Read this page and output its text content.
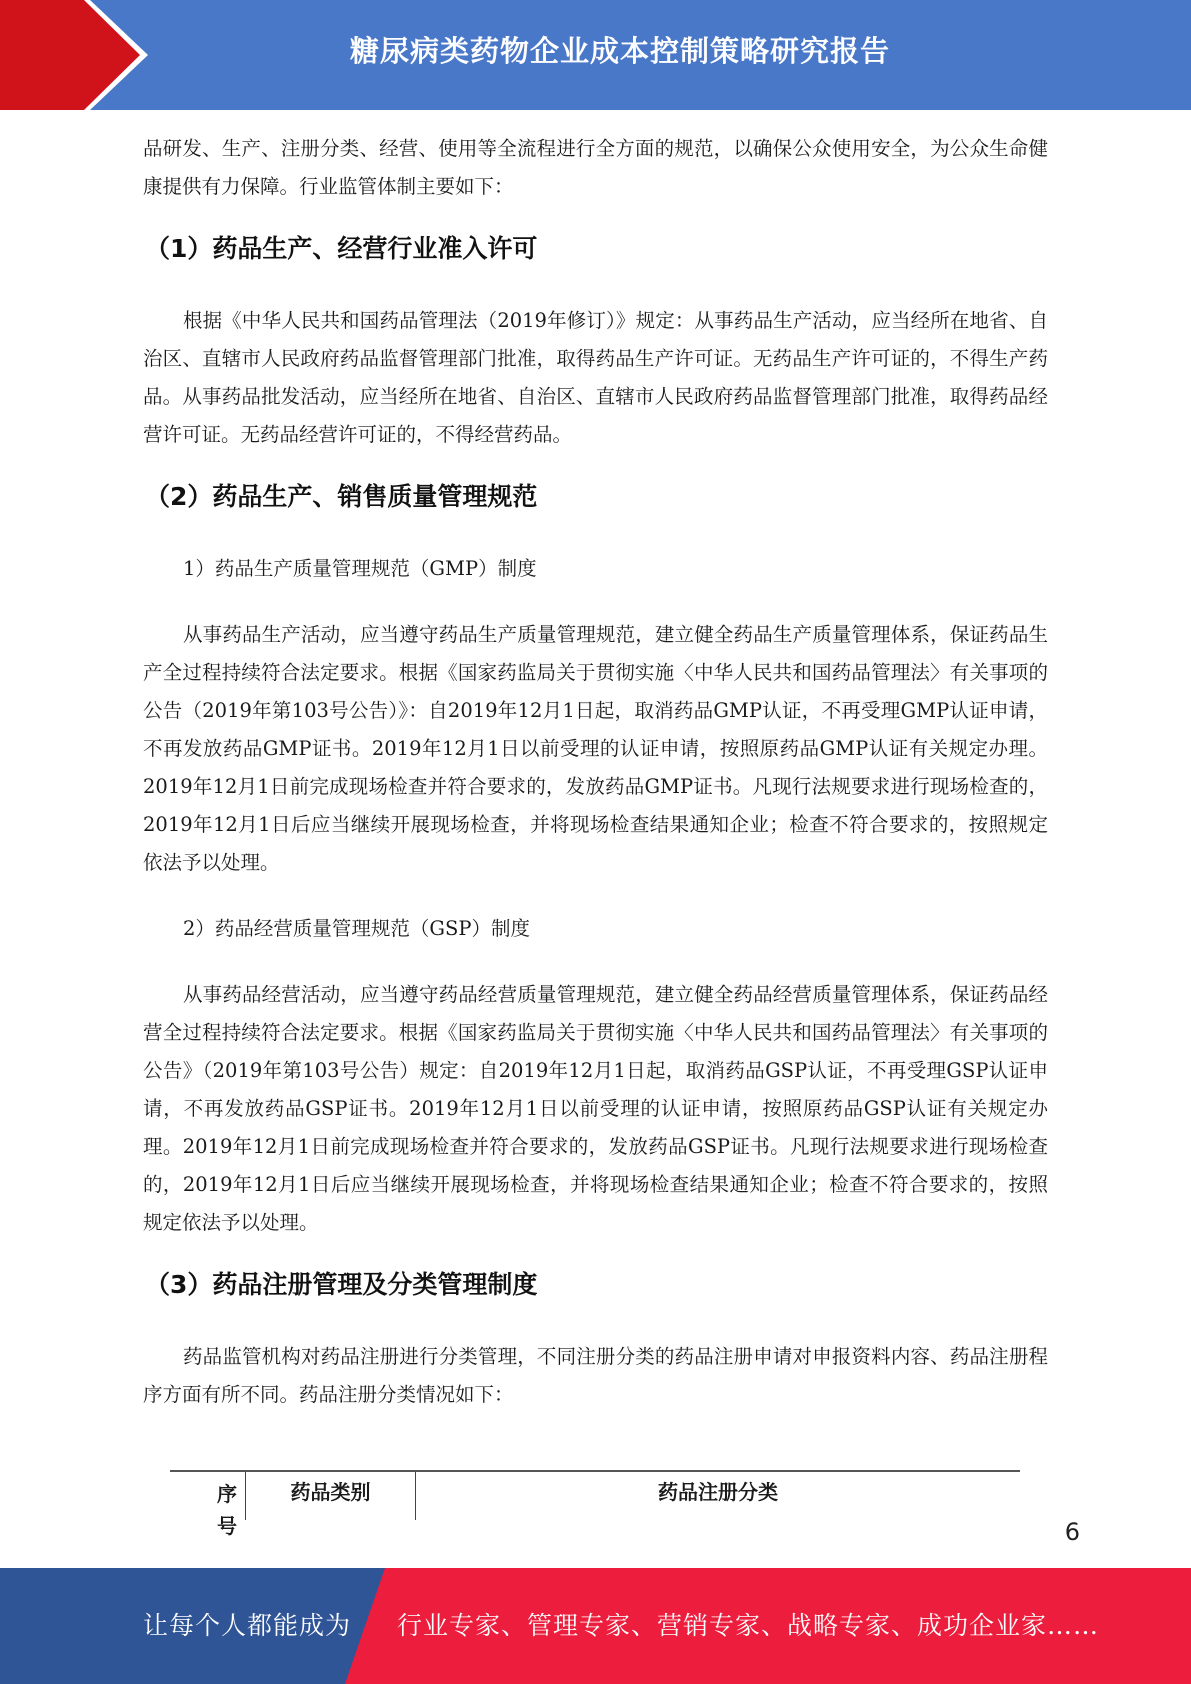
糖尿病类药物企业成本控制策略研究报告

品研发、生产、注册分类、经营、使用等全流程进行全方面的规范，以确保公众使用安全，为公众生命健康提供有力保障。行业监管体制主要如下：

（1）药品生产、经营行业准入许可

根据《中华人民共和国药品管理法（2019年修订）》规定：从事药品生产活动，应当经所在地省、自治区、直辖市人民政府药品监督管理部门批准，取得药品生产许可证。无药品生产许可证的，不得生产药品。从事药品批发活动，应当经所在地省、自治区、直辖市人民政府药品监督管理部门批准，取得药品经营许可证。无药品经营许可证的，不得经营药品。

（2）药品生产、销售质量管理规范

1）药品生产质量管理规范（GMP）制度

从事药品生产活动，应当遵守药品生产质量管理规范，建立健全药品生产质量管理体系，保证药品生产全过程持续符合法定要求。根据《国家药监局关于贯彻实施〈中华人民共和国药品管理法〉有关事项的公告（2019年第103号公告）》：自2019年12月1日起，取消药品GMP认证，不再受理GMP认证申请，不再发放药品GMP证书。2019年12月1日以前受理的认证申请，按照原药品GMP认证有关规定办理。2019年12月1日前完成现场检查并符合要求的，发放药品GMP证书。凡现行法规要求进行现场检查的，2019年12月1日后应当继续开展现场检查，并将现场检查结果通知企业；检查不符合要求的，按照规定依法予以处理。

2）药品经营质量管理规范（GSP）制度

从事药品经营活动，应当遵守药品经营质量管理规范，建立健全药品经营质量管理体系，保证药品经营全过程持续符合法定要求。根据《国家药监局关于贯彻实施〈中华人民共和国药品管理法〉有关事项的公告》（2019年第103号公告）规定：自2019年12月1日起，取消药品GSP认证，不再受理GSP认证申请，不再发放药品GSP证书。2019年12月1日以前受理的认证申请，按照原药品GSP认证有关规定办理。2019年12月1日前完成现场检查并符合要求的，发放药品GSP证书。凡现行法规要求进行现场检查的，2019年12月1日后应当继续开展现场检查，并将现场检查结果通知企业；检查不符合要求的，按照规定依法予以处理。

（3）药品注册管理及分类管理制度

药品监管机构对药品注册进行分类管理，不同注册分类的药品注册申请对申报资料内容、药品注册程序方面有所不同。药品注册分类情况如下：

序号
药品类别	药品注册分类
6
让每个人都能成为 行业专家、管理专家、营销专家、战略专家、成功企业家……
